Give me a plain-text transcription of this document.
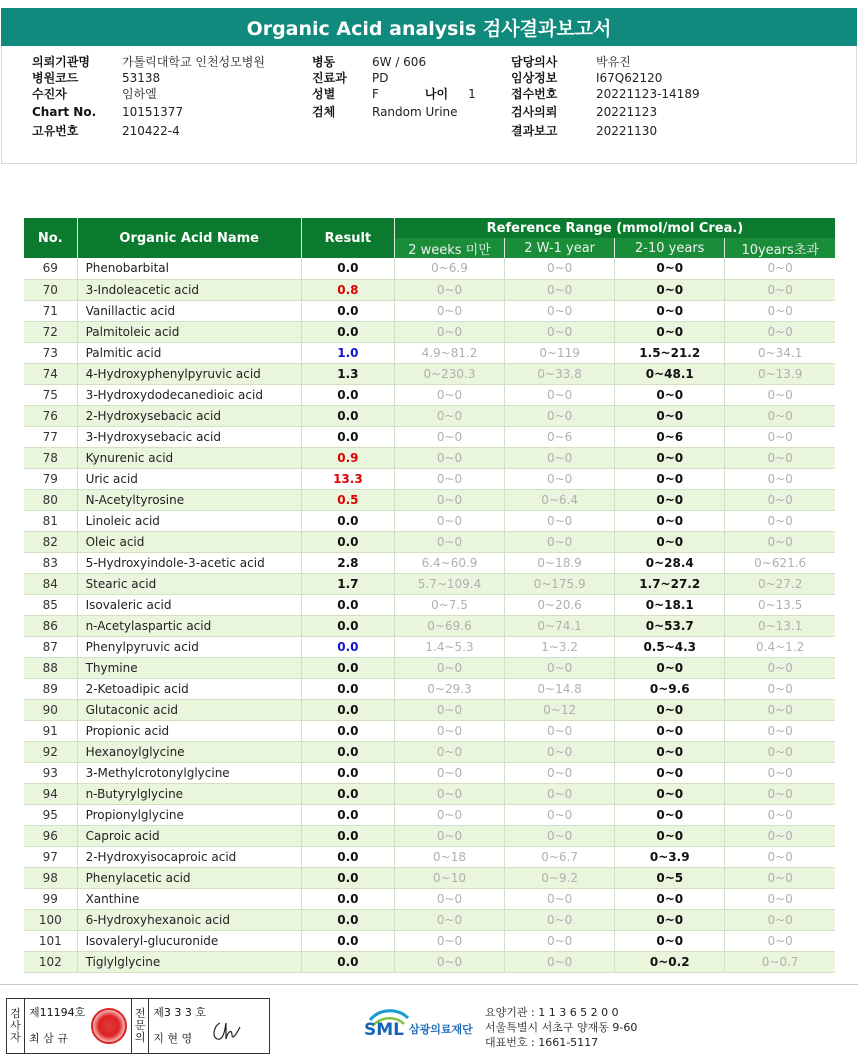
Organic Acid analysis 검사결과보고서
의뢰기관명	가톨릭대학교 인천성모병원
병원코드	53138
수진자	임하엘
Chart No.	10151377
고유번호	210422-4
병동	6W / 606
진료과	PD
성별	F	나이 1
검체	Random Urine
담당의사	박유진
임상정보	I67Q62120
접수번호	20221123-14189
검사의뢰	20221123
결과보고	20221130
No.	Organic Acid Name	Result	Reference Range (mmol/mol Crea.)			
			2 weeks 미만	2 W-1 year	2-10 years	10years초과
69	Phenobarbital	0.0	0~6.9	0~0	0~0	0~0
70	3-Indoleacetic acid	0.8	0~0	0~0	0~0	0~0
71	Vanillactic acid	0.0	0~0	0~0	0~0	0~0
72	Palmitoleic acid	0.0	0~0	0~0	0~0	0~0
73	Palmitic acid	1.0	4.9~81.2	0~119	1.5~21.2	0~34.1
74	4-Hydroxyphenylpyruvic acid	1.3	0~230.3	0~33.8	0~48.1	0~13.9
75	3-Hydroxydodecanedioic acid	0.0	0~0	0~0	0~0	0~0
76	2-Hydroxysebacic acid	0.0	0~0	0~0	0~0	0~0
77	3-Hydroxysebacic acid	0.0	0~0	0~6	0~6	0~0
78	Kynurenic acid	0.9	0~0	0~0	0~0	0~0
79	Uric acid	13.3	0~0	0~0	0~0	0~0
80	N-Acetyltyrosine	0.5	0~0	0~6.4	0~0	0~0
81	Linoleic acid	0.0	0~0	0~0	0~0	0~0
82	Oleic acid	0.0	0~0	0~0	0~0	0~0
83	5-Hydroxyindole-3-acetic acid	2.8	6.4~60.9	0~18.9	0~28.4	0~621.6
84	Stearic acid	1.7	5.7~109.4	0~175.9	1.7~27.2	0~27.2
85	Isovaleric acid	0.0	0~7.5	0~20.6	0~18.1	0~13.5
86	n-Acetylaspartic acid	0.0	0~69.6	0~74.1	0~53.7	0~13.1
87	Phenylpyruvic acid	0.0	1.4~5.3	1~3.2	0.5~4.3	0.4~1.2
88	Thymine	0.0	0~0	0~0	0~0	0~0
89	2-Ketoadipic acid	0.0	0~29.3	0~14.8	0~9.6	0~0
90	Glutaconic acid	0.0	0~0	0~12	0~0	0~0
91	Propionic acid	0.0	0~0	0~0	0~0	0~0
92	Hexanoylglycine	0.0	0~0	0~0	0~0	0~0
93	3-Methylcrotonylglycine	0.0	0~0	0~0	0~0	0~0
94	n-Butyrylglycine	0.0	0~0	0~0	0~0	0~0
95	Propionylglycine	0.0	0~0	0~0	0~0	0~0
96	Caproic acid	0.0	0~0	0~0	0~0	0~0
97	2-Hydroxyisocaproic acid	0.0	0~18	0~6.7	0~3.9	0~0
98	Phenylacetic acid	0.0	0~10	0~9.2	0~5	0~0
99	Xanthine	0.0	0~0	0~0	0~0	0~0
100	6-Hydroxyhexanoic acid	0.0	0~0	0~0	0~0	0~0
101	Isovaleryl-glucuronide	0.0	0~0	0~0	0~0	0~0
102	Tiglylglycine	0.0	0~0	0~0	0~0.2	0~0.7
검
사
자
제11194호
최 삼 규
전
문
의
제3 3 3 호
지 현 영	SML 삼광의료재단
요양기관 : 1 1 3 6 5 2 0 0
서울특별시 서초구 양재동 9-60
대표번호 : 1661-5117
